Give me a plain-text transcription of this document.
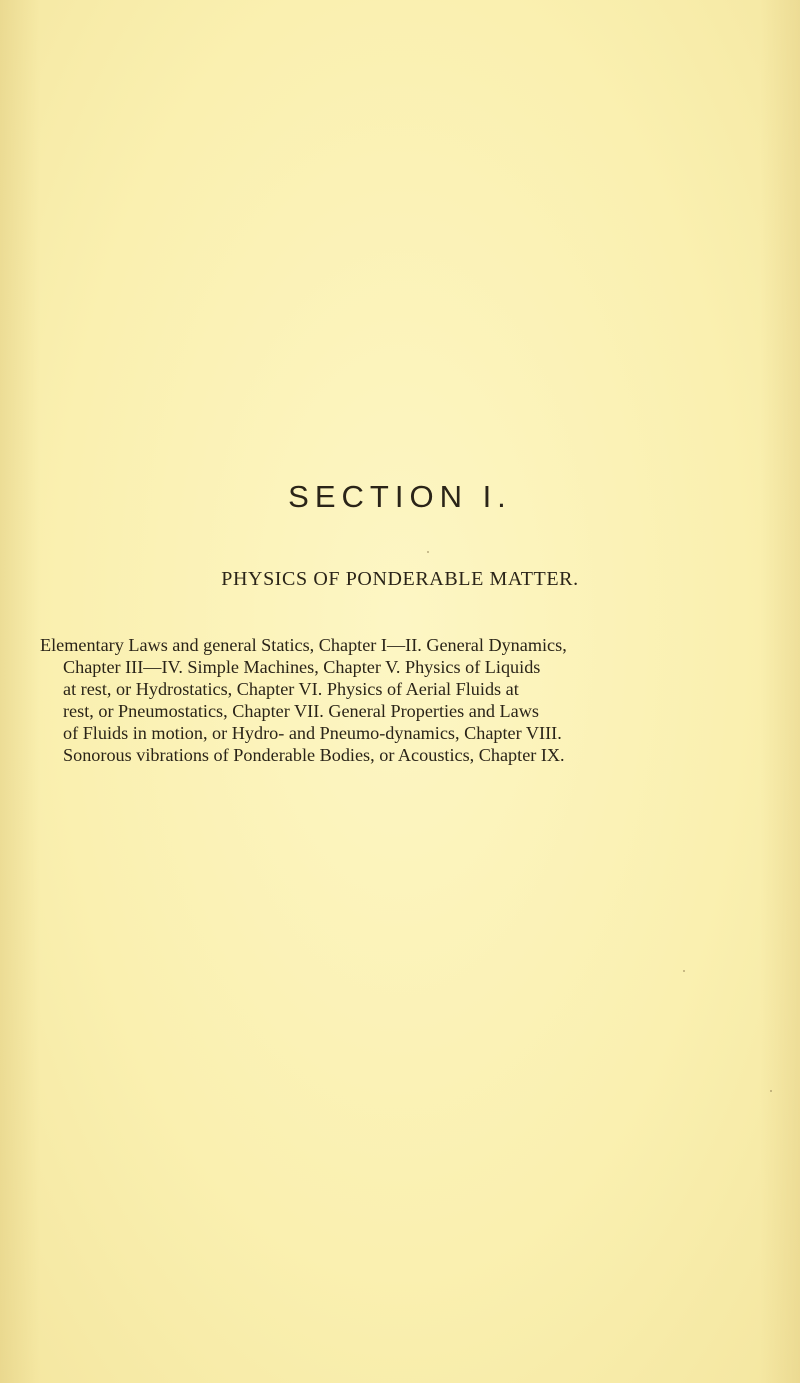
SECTION I.
PHYSICS OF PONDERABLE MATTER.

Elementary Laws and general Statics, Chapter I—II. General Dynamics,
Chapter III—IV. Simple Machines, Chapter V. Physics of Liquids
at rest, or Hydrostatics, Chapter VI. Physics of Aerial Fluids at
rest, or Pneumostatics, Chapter VII. General Properties and Laws
of Fluids in motion, or Hydro- and Pneumo-dynamics, Chapter VIII.
Sonorous vibrations of Ponderable Bodies, or Acoustics, Chapter IX.
